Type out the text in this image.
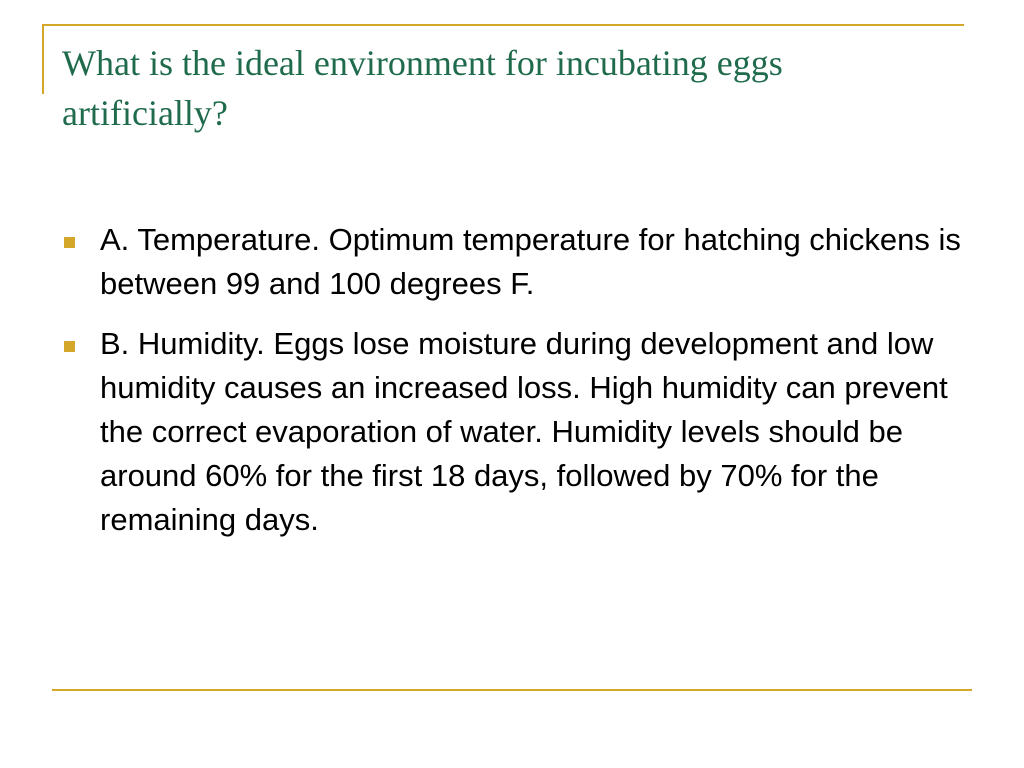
What is the ideal environment for incubating eggs artificially?
A. Temperature. Optimum temperature for hatching chickens is between 99 and 100 degrees F.
B. Humidity. Eggs lose moisture during development and low humidity causes an increased loss. High humidity can prevent the correct evaporation of water. Humidity levels should be around 60% for the first 18 days, followed by 70% for the remaining days.
